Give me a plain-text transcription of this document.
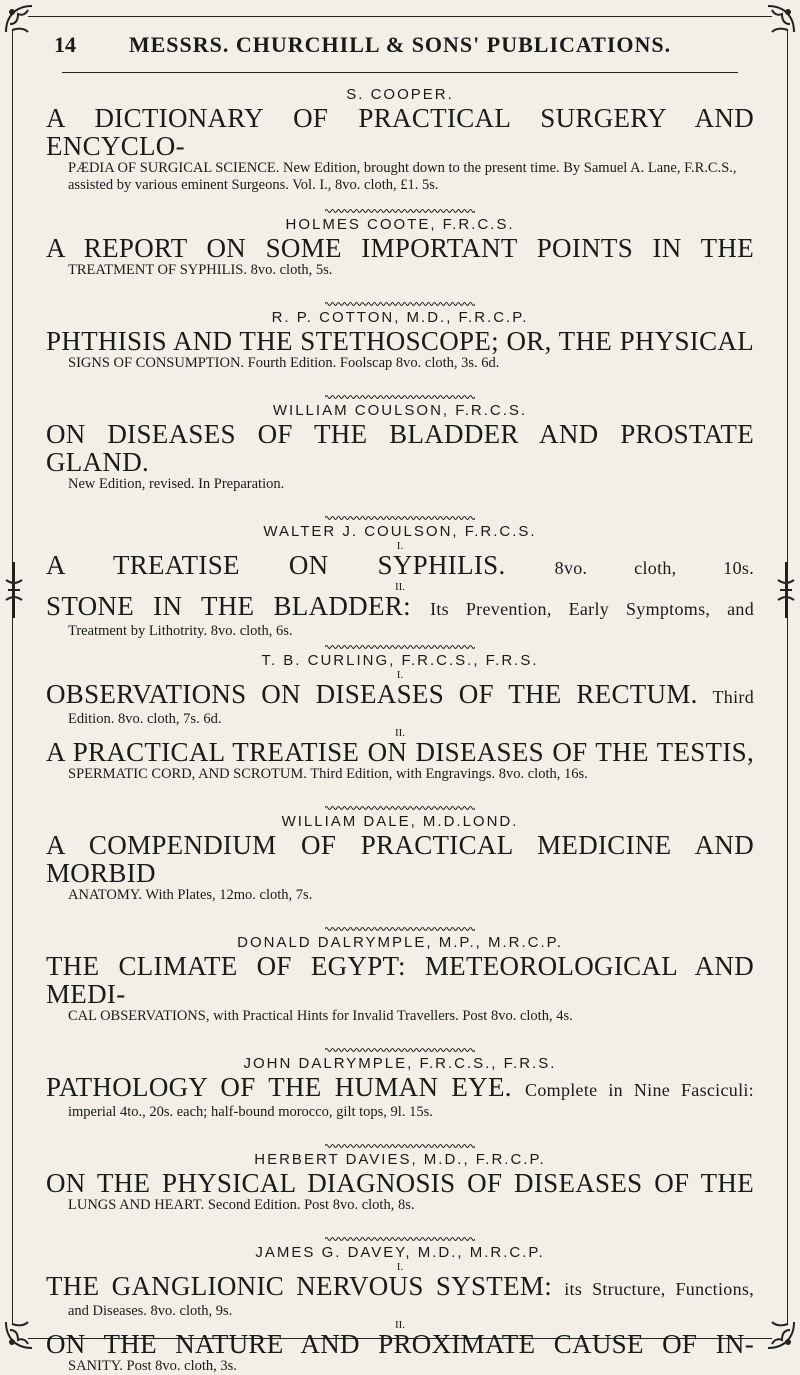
14	MESSRS. CHURCHILL & SONS' PUBLICATIONS.

S. COOPER.

A DICTIONARY OF PRACTICAL SURGERY AND ENCYCLO-

PÆDIA OF SURGICAL SCIENCE. New Edition, brought down to the present time. By Samuel A. Lane, F.R.C.S., assisted by various eminent Surgeons. Vol. I., 8vo. cloth, £1. 5s.

HOLMES COOTE, F.R.C.S.

A REPORT ON SOME IMPORTANT POINTS IN THE

TREATMENT OF SYPHILIS. 8vo. cloth, 5s.

R. P. COTTON, M.D., F.R.C.P.

PHTHISIS AND THE STETHOSCOPE; OR, THE PHYSICAL

SIGNS OF CONSUMPTION. Fourth Edition. Foolscap 8vo. cloth, 3s. 6d.

WILLIAM COULSON, F.R.C.S.

ON DISEASES OF THE BLADDER AND PROSTATE GLAND.

New Edition, revised. In Preparation.

WALTER J. COULSON, F.R.C.S.

I.

A TREATISE ON SYPHILIS.	8vo. cloth, 10s.

II.

STONE IN THE BLADDER: Its Prevention, Early Symptoms, and

Treatment by Lithotrity. 8vo. cloth, 6s.

T. B. CURLING, F.R.C.S., F.R.S.

I.

OBSERVATIONS ON DISEASES OF THE RECTUM. Third

Edition. 8vo. cloth, 7s. 6d.

II.

A PRACTICAL TREATISE ON DISEASES OF THE TESTIS,

SPERMATIC CORD, AND SCROTUM. Third Edition, with Engravings. 8vo. cloth, 16s.

WILLIAM DALE, M.D.LOND.

A COMPENDIUM OF PRACTICAL MEDICINE AND MORBID

ANATOMY. With Plates, 12mo. cloth, 7s.

DONALD DALRYMPLE, M.P., M.R.C.P.

THE CLIMATE OF EGYPT: METEOROLOGICAL AND MEDI-

CAL OBSERVATIONS, with Practical Hints for Invalid Travellers. Post 8vo. cloth, 4s.

JOHN DALRYMPLE, F.R.C.S., F.R.S.

PATHOLOGY OF THE HUMAN EYE. Complete in Nine Fasciculi:

imperial 4to., 20s. each; half-bound morocco, gilt tops, 9l. 15s.

HERBERT DAVIES, M.D., F.R.C.P.

ON THE PHYSICAL DIAGNOSIS OF DISEASES OF THE

LUNGS AND HEART. Second Edition. Post 8vo. cloth, 8s.

JAMES G. DAVEY, M.D., M.R.C.P.

I.

THE GANGLIONIC NERVOUS SYSTEM: its Structure, Functions,

and Diseases. 8vo. cloth, 9s.

II.

ON THE NATURE AND PROXIMATE CAUSE OF IN-

SANITY. Post 8vo. cloth, 3s.
